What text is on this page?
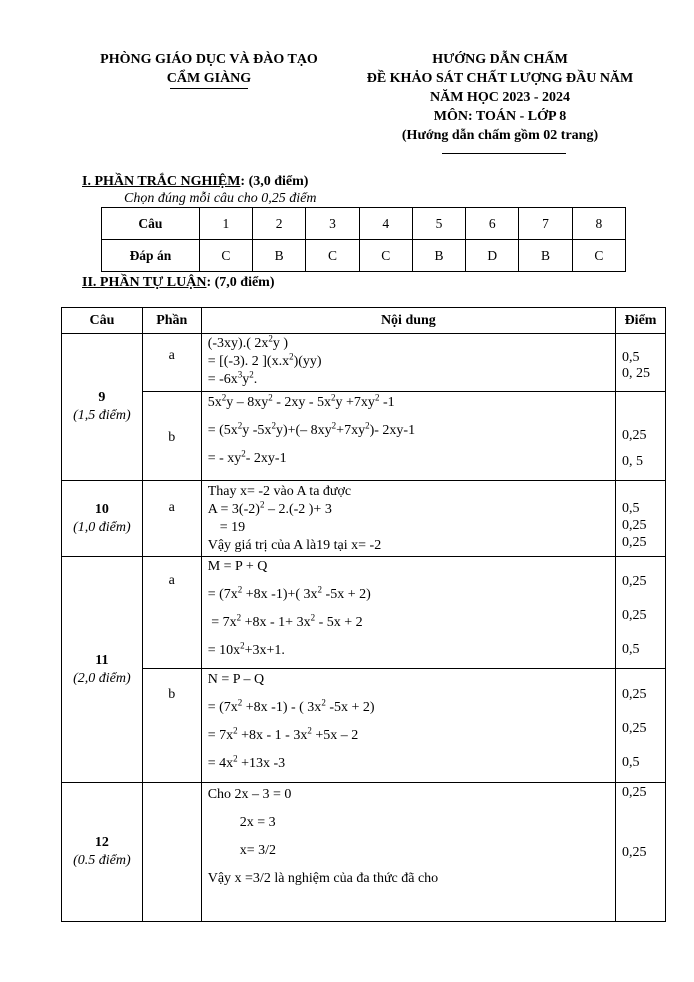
PHÒNG GIÁO DỤC VÀ ĐÀO TẠO
CẨM GIÀNG
HƯỚNG DẪN CHẤM
ĐỀ KHẢO SÁT CHẤT LƯỢNG ĐẦU NĂM
NĂM HỌC 2023 - 2024
MÔN: TOÁN - LỚP 8
(Hướng dẫn chấm gồm 02 trang)
I. PHẦN TRẮC NGHIỆM: (3,0 điểm)
Chọn đúng mỗi câu cho 0,25 điểm
Câu	1	2	3	4	5	6	7	8
Đáp án	C	B	C	C	B	D	B	C
II. PHẦN TỰ LUẬN: (7,0 điểm)
Câu	Phần	Nội dung	Điểm
9
(1,5 điểm)	a	(-3xy).( $2x^2y$ )
= [(-3). 2 ]$(x.x^2)(yy)$
= $-6x^3y^2$.	0,5
0, 25

	b	$5x^2y - 8xy^2 - 2xy - 5x^2y +7xy^2$ -1
= ($5x^2y$ $-5x^2y)+(-$ $8xy^2+7xy^2)-$ 2xy-1
= - $xy^2-$ 2xy-1	0,25
0, 5

10
(1,0 điểm)	a	Thay x= -2 vào A ta được
$A = 3(-2)^2 - 2.(-2$ )+ 3
= 19
Vậy giá trị của A là19 tại x= -2	0,5
0,25
0,25

11
(2,0 điểm)	a	M = P + Q
= ($7x^2 +8x$ -1)+( $3x^2$ -5x + 2)
= $7x^2 +8x - 1+ 3x^2 - 5x + 2$
= $10x^2+3x+1$.	0,25
0,25
0,5

	b	N = P – Q
= ($7x^2 +8x$ -1) - ( $3x^2$ -5x + 2)
= $7x^2 +8x - 1 - 3x^2 +5x - 2$
= $4x^2 +13x$ -3	0,25
0,25
0,5

12
(0.5 điểm)		Cho 2x – 3 = 0
2x = 3
x= 3/2
Vậy x =3/2 là nghiệm của đa thức đã cho	0,25
0,25
